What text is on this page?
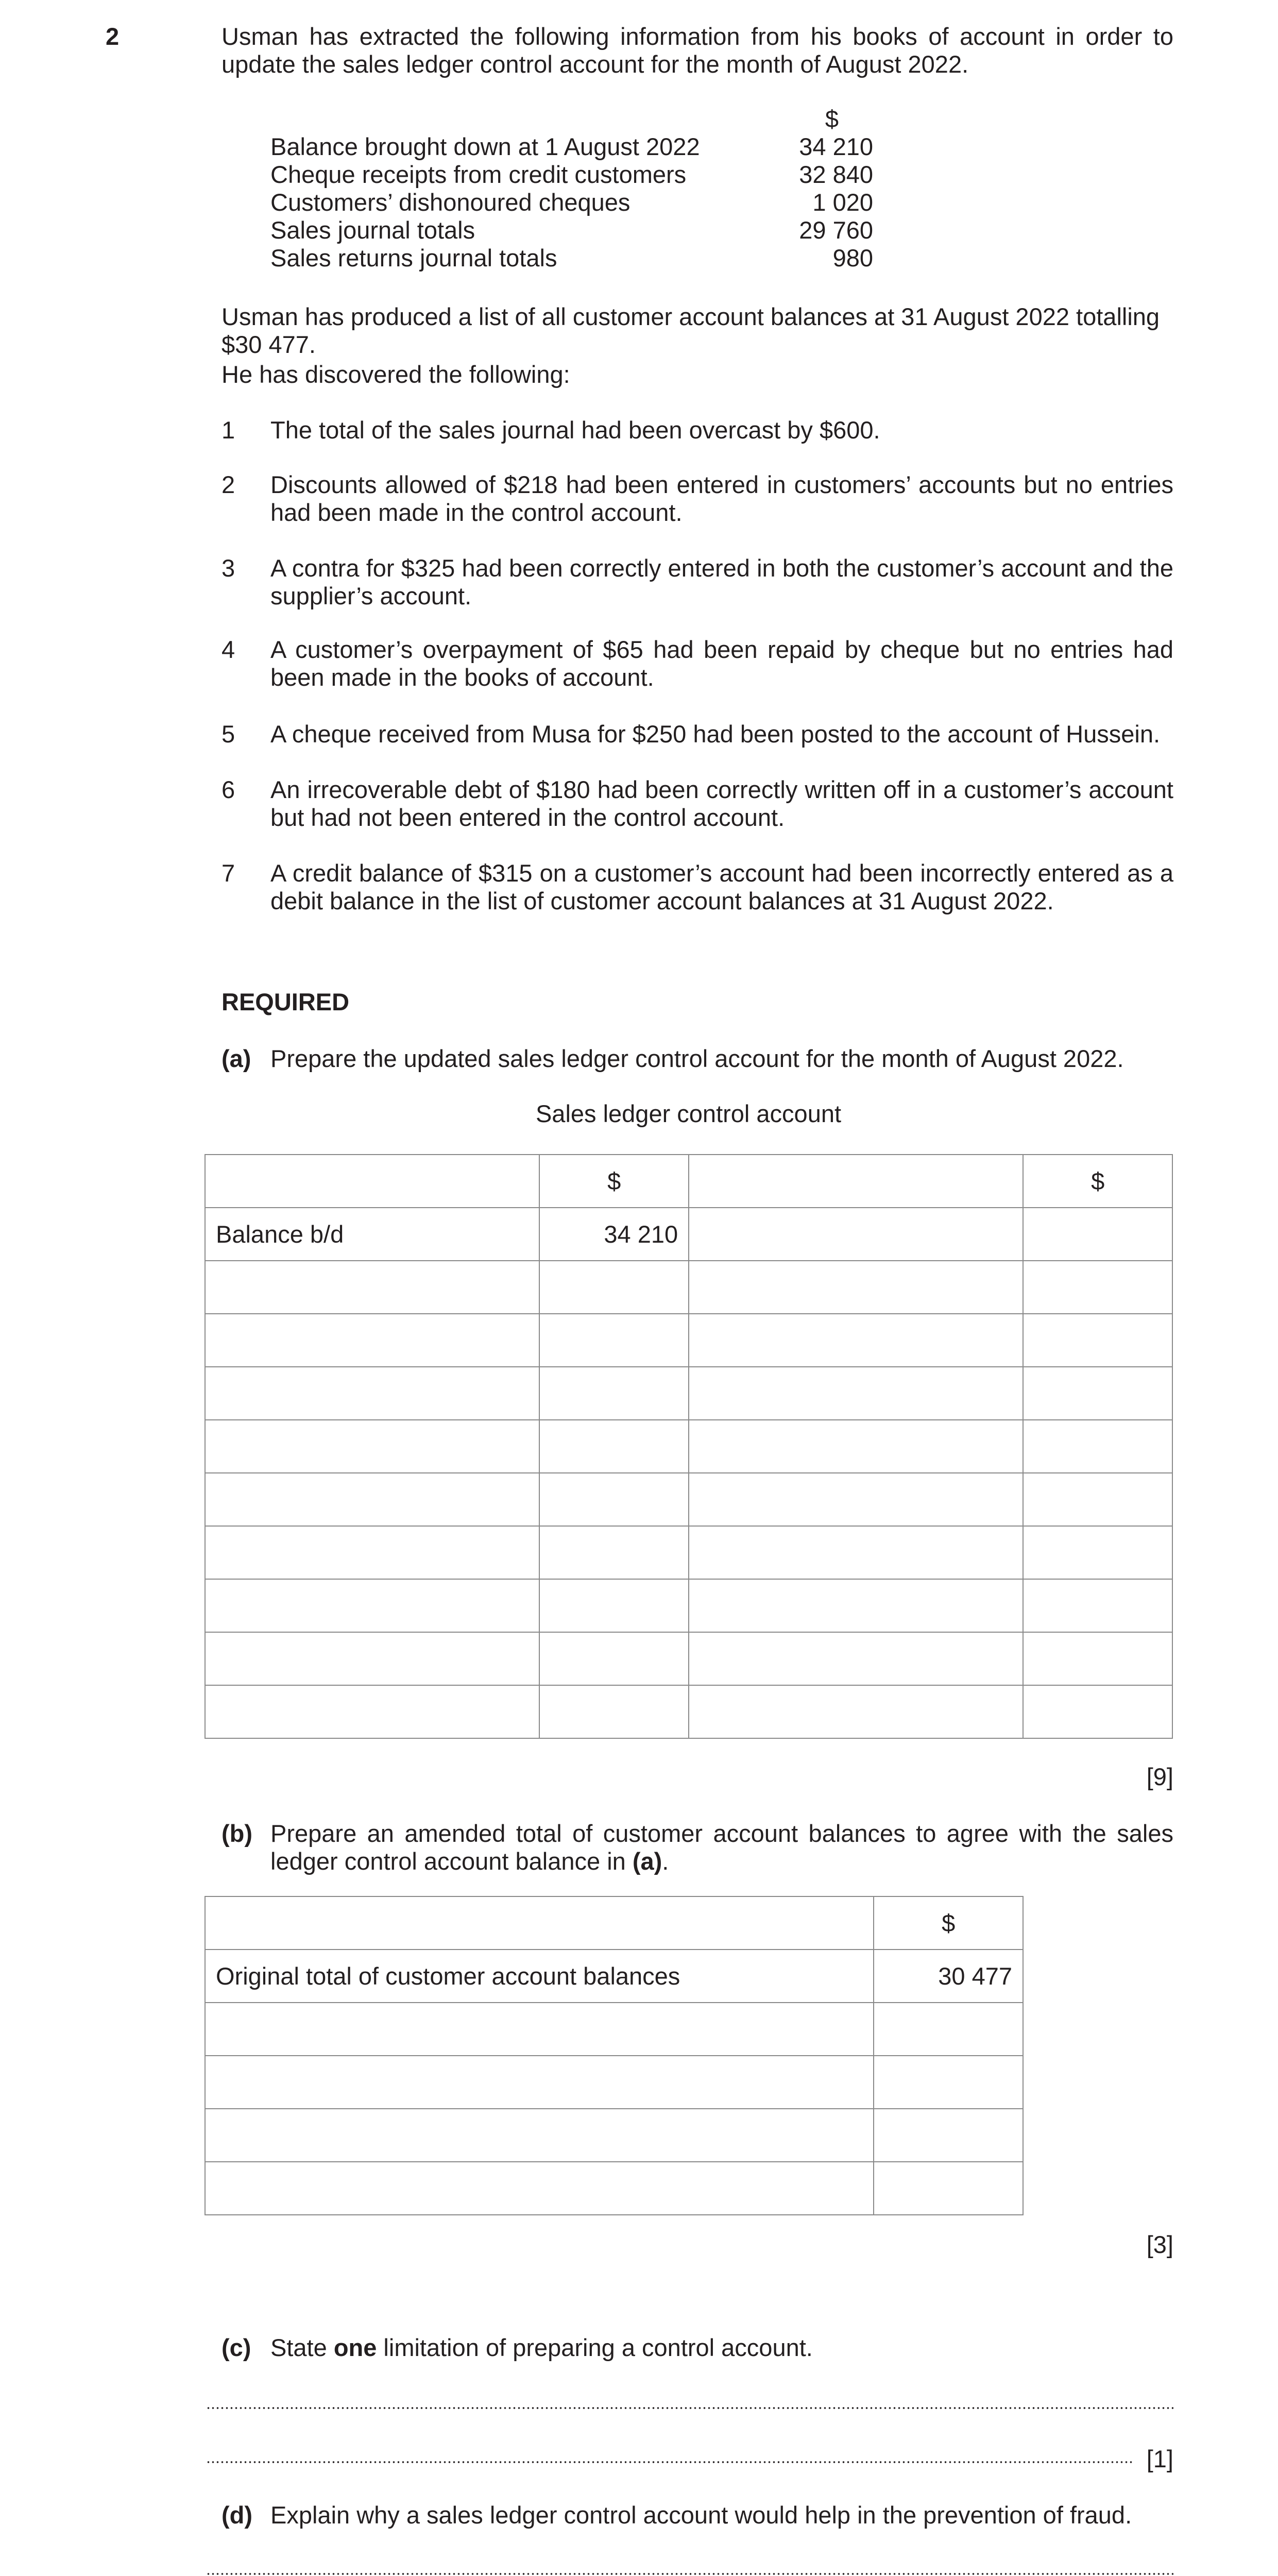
2	Usman has extracted the following information from his books of account in order to update the sales ledger control account for the month of August 2022.
$
Balance brought down at 1 August 2022	34 210
Cheque receipts from credit customers	32 840
Customers’ dishonoured cheques	1 020
Sales journal totals	29 760
Sales returns journal totals	980
Usman has produced a list of all customer account balances at 31 August 2022 totalling $30 477.
He has discovered the following:
1 The total of the sales journal had been overcast by $600.
2 Discounts allowed of $218 had been entered in customers’ accounts but no entries had been made in the control account.
3 A contra for $325 had been correctly entered in both the customer’s account and the supplier’s account.
4 A customer’s overpayment of $65 had been repaid by cheque but no entries had been made in the books of account.
5 A cheque received from Musa for $250 had been posted to the account of Hussein.
6 An irrecoverable debt of $180 had been correctly written off in a customer’s account but had not been entered in the control account.
7 A credit balance of $315 on a customer’s account had been incorrectly entered as a debit balance in the list of customer account balances at 31 August 2022.
REQUIRED
(a) Prepare the updated sales ledger control account for the month of August 2022.
Sales ledger control account
	$		$
Balance b/d	34 210		

[9]
(b) Prepare an amended total of customer account balances to agree with the sales ledger control account balance in (a).
	$
Original total of customer account balances	30 477

[3]
(c) State one limitation of preparing a control account.
[1]
(d) Explain why a sales ledger control account would help in the prevention of fraud.
